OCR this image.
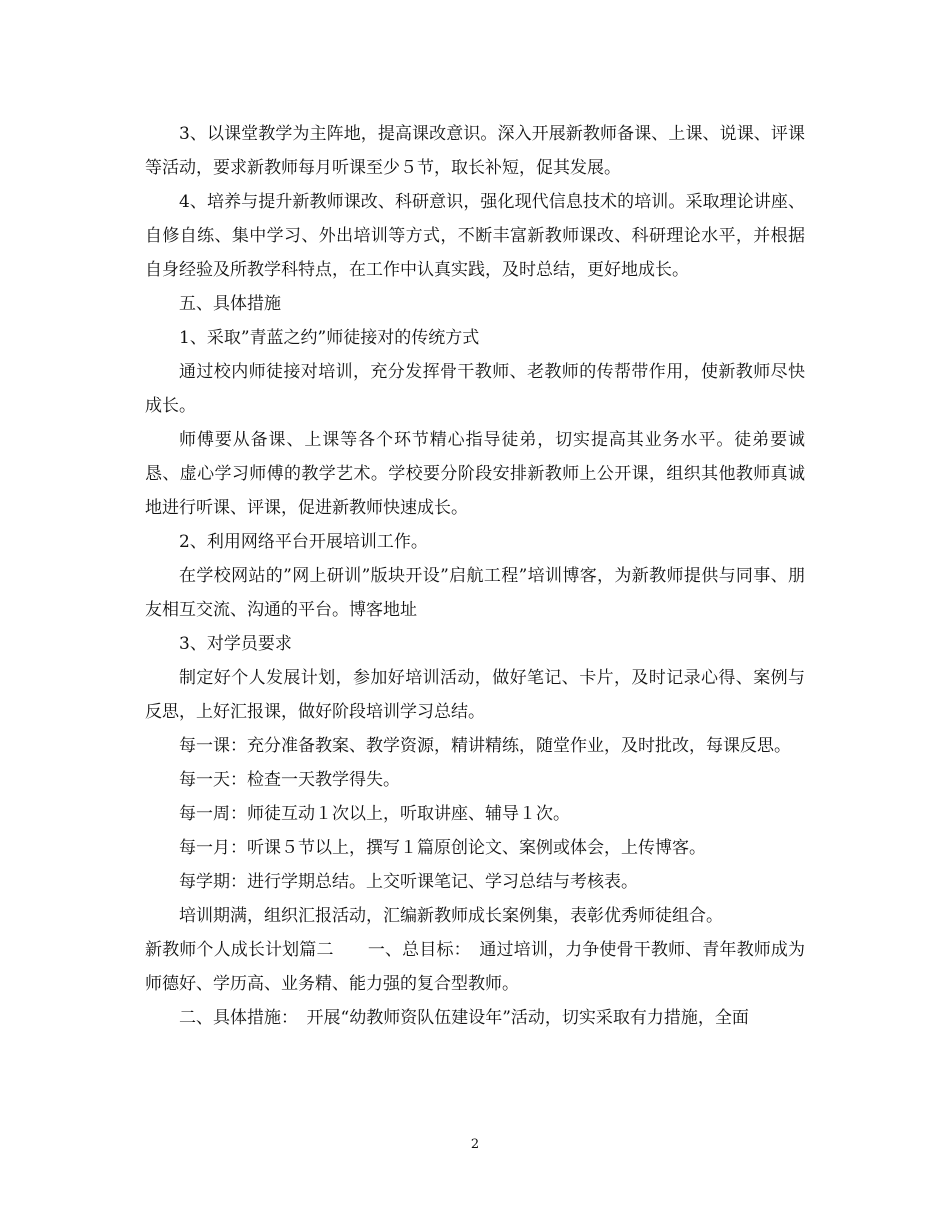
3、以课堂教学为主阵地，提高课改意识。深入开展新教师备课、上课、说课、评课等活动，要求新教师每月听课至少５节，取长补短，促其发展。

4、培养与提升新教师课改、科研意识，强化现代信息技术的培训。采取理论讲座、自修自练、集中学习、外出培训等方式，不断丰富新教师课改、科研理论水平，并根据自身经验及所教学科特点，在工作中认真实践，及时总结，更好地成长。

五、具体措施

1、采取”青蓝之约”师徒接对的传统方式

通过校内师徒接对培训，充分发挥骨干教师、老教师的传帮带作用，使新教师尽快成长。

师傅要从备课、上课等各个环节精心指导徒弟，切实提高其业务水平。徒弟要诚恳、虚心学习师傅的教学艺术。学校要分阶段安排新教师上公开课，组织其他教师真诚地进行听课、评课，促进新教师快速成长。

2、利用网络平台开展培训工作。

在学校网站的”网上研训”版块开设”启航工程”培训博客，为新教师提供与同事、朋友相互交流、沟通的平台。博客地址

3、对学员要求

制定好个人发展计划，参加好培训活动，做好笔记、卡片，及时记录心得、案例与反思，上好汇报课，做好阶段培训学习总结。

每一课：充分准备教案、教学资源，精讲精练，随堂作业，及时批改，每课反思。

每一天：检查一天教学得失。

每一周：师徒互动１次以上，听取讲座、辅导１次。

每一月：听课５节以上，撰写１篇原创论文、案例或体会，上传博客。

每学期：进行学期总结。上交听课笔记、学习总结与考核表。

培训期满，组织汇报活动，汇编新教师成长案例集，表彰优秀师徒组合。

新教师个人成长计划篇二　　一、总目标：　通过培训，力争使骨干教师、青年教师成为师德好、学历高、业务精、能力强的复合型教师。

二、具体措施：　开展“幼教师资队伍建设年”活动，切实采取有力措施，全面

2
